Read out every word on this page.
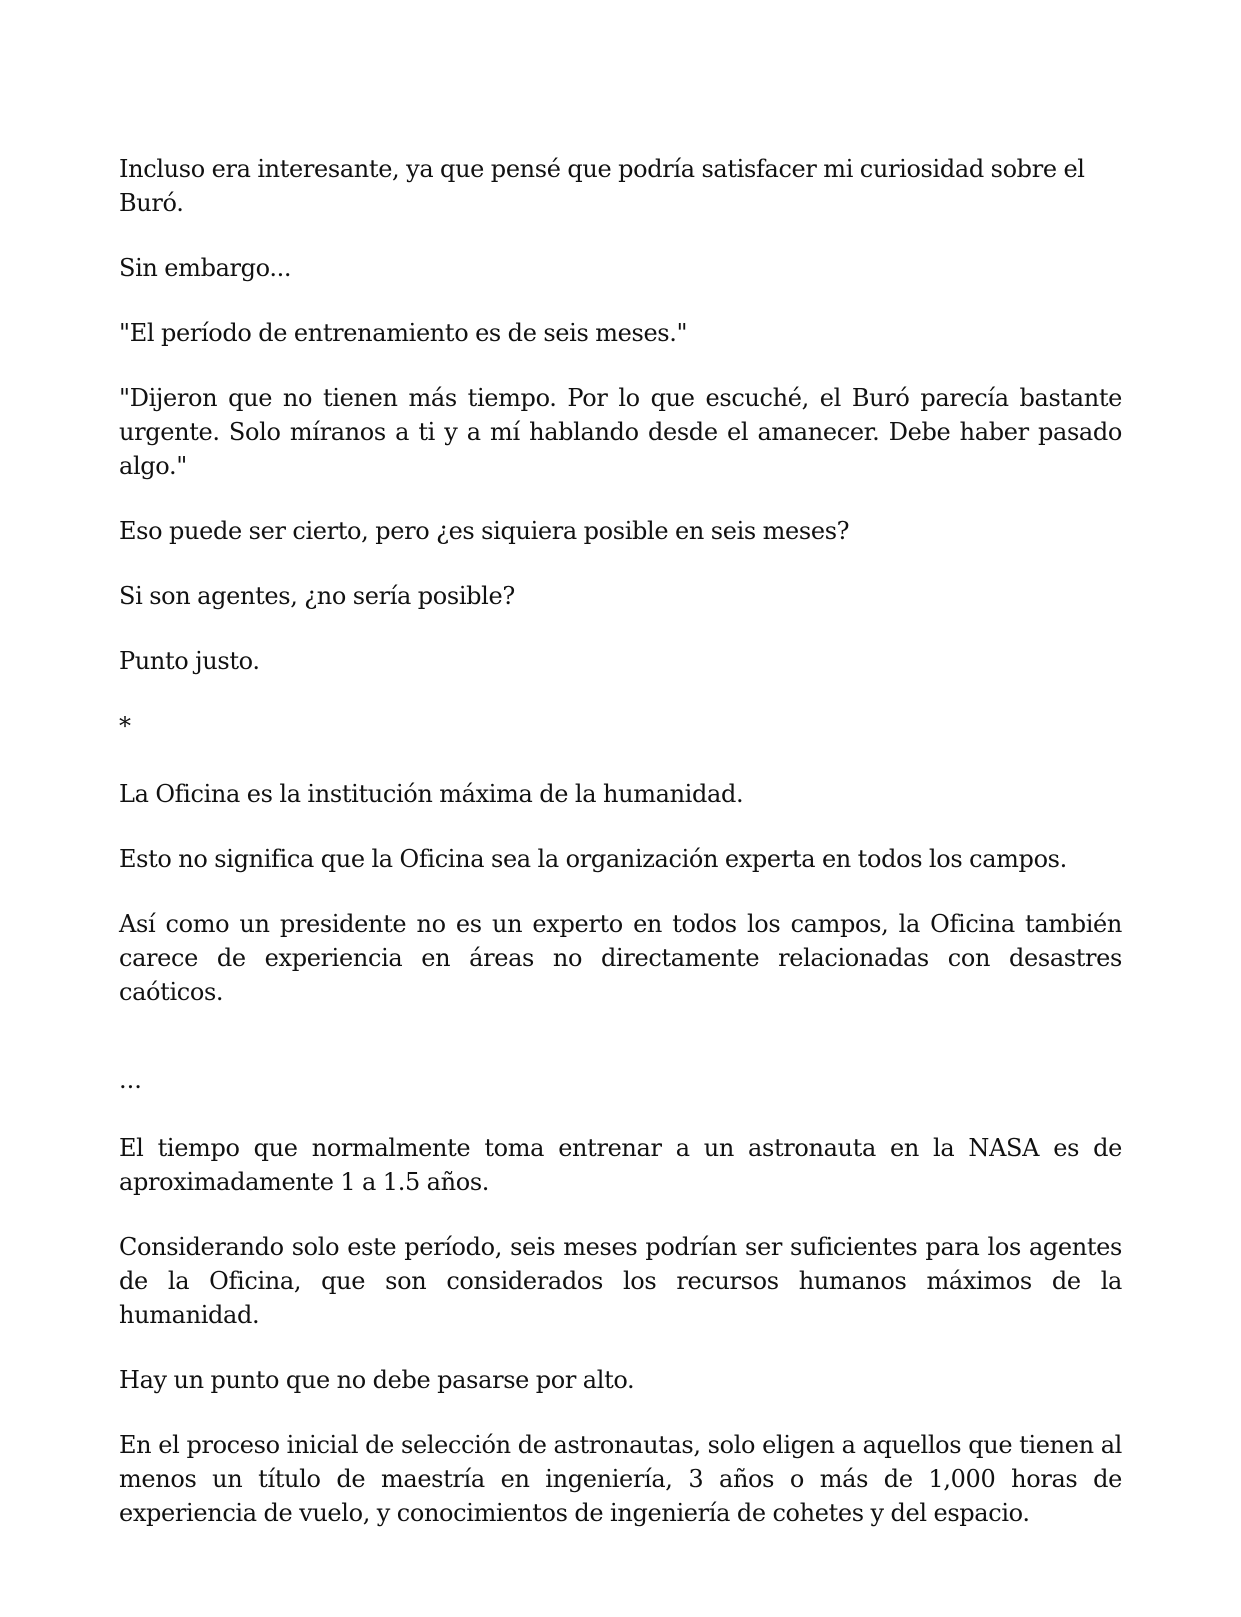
Incluso era interesante, ya que pensé que podría satisfacer mi curiosidad sobre el Buró.

Sin embargo...

"El período de entrenamiento es de seis meses."

"Dijeron que no tienen más tiempo. Por lo que escuché, el Buró parecía bastante urgente. Solo míranos a ti y a mí hablando desde el amanecer. Debe haber pasado algo."

Eso puede ser cierto, pero ¿es siquiera posible en seis meses?

Si son agentes, ¿no sería posible?

Punto justo.

*

La Oficina es la institución máxima de la humanidad.

Esto no significa que la Oficina sea la organización experta en todos los campos.

Así como un presidente no es un experto en todos los campos, la Oficina también carece de experiencia en áreas no directamente relacionadas con desastres caóticos.

...

El tiempo que normalmente toma entrenar a un astronauta en la NASA es de aproximadamente 1 a 1.5 años.

Considerando solo este período, seis meses podrían ser suficientes para los agentes de la Oficina, que son considerados los recursos humanos máximos de la humanidad.

Hay un punto que no debe pasarse por alto.

En el proceso inicial de selección de astronautas, solo eligen a aquellos que tienen al menos un título de maestría en ingeniería, 3 años o más de 1,000 horas de experiencia de vuelo, y conocimientos de ingeniería de cohetes y del espacio.
